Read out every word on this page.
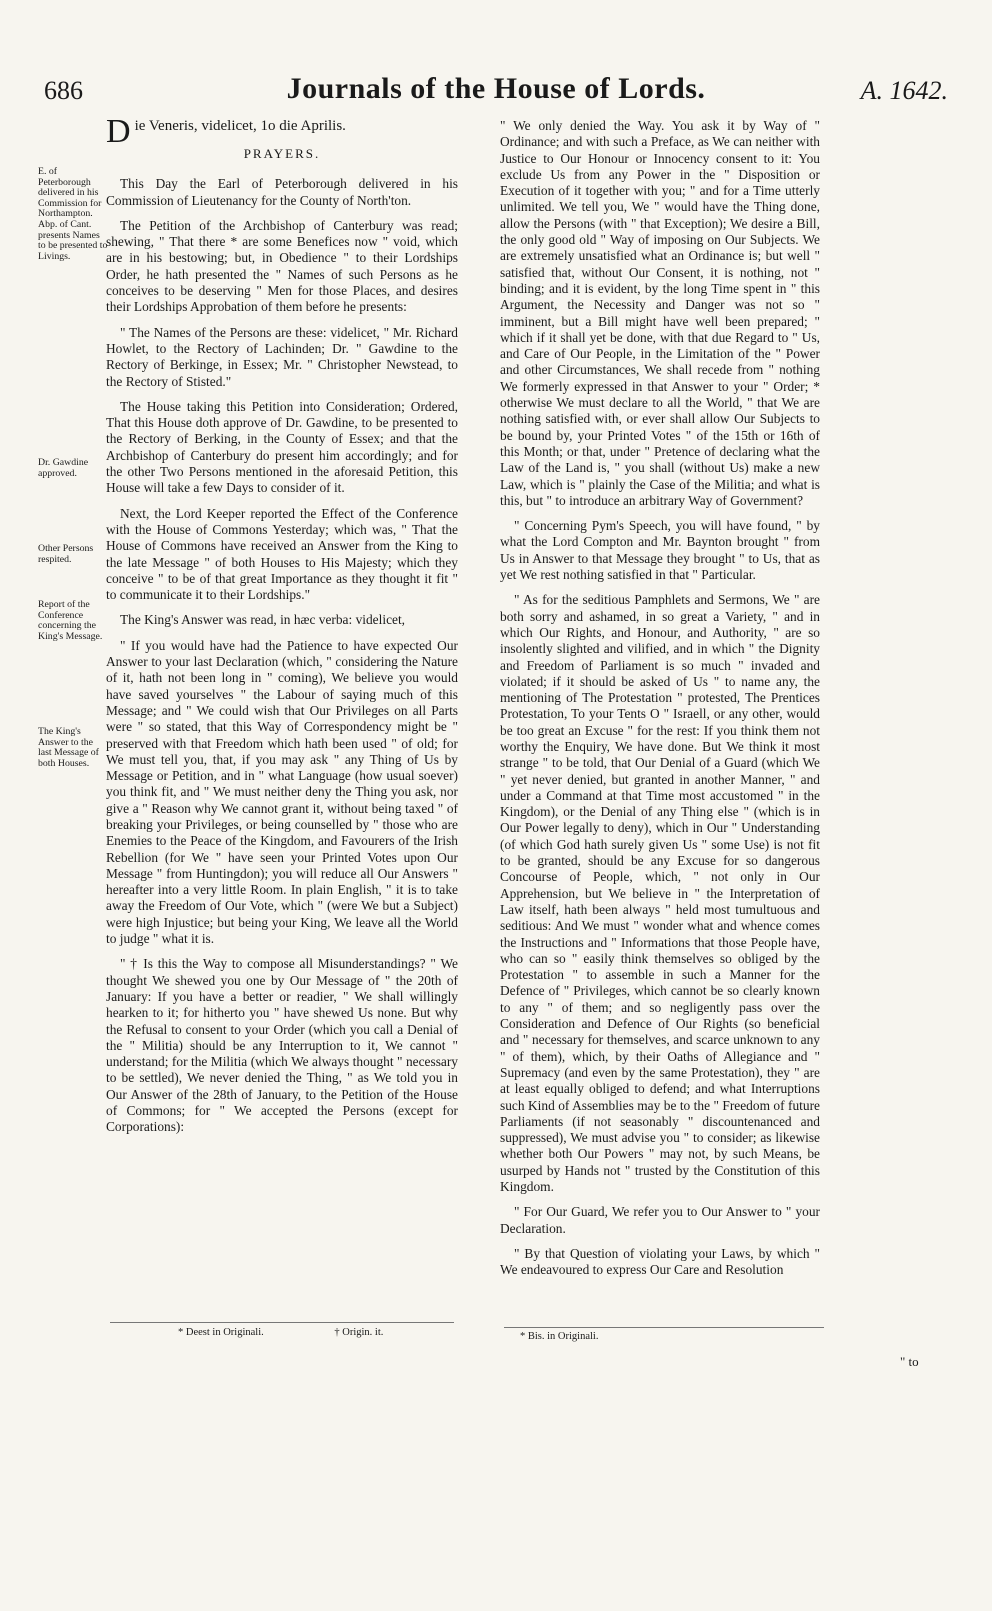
686	Journals of the House of Lords.	A. 1642.
E. of Peterborough delivered in his Commission for Northampton.
Abp. of Cant. presents Names to be presented to Livings.
Dr. Gawdine approved.
Other Persons respited.
Report of the Conference concerning the King's Message.
The King's Answer to the last Message of both Houses.

Die Veneris, videlicet, 1o die Aprilis.

PRAYERS.

This Day the Earl of Peterborough delivered in his Commission of Lieutenancy for the County of North'ton.

The Petition of the Archbishop of Canterbury was read; shewing, " That there * are some Benefices now " void, which are in his bestowing; but, in Obedience " to their Lordships Order, he hath presented the " Names of such Persons as he conceives to be deserving " Men for those Places, and desires their Lordships Approbation of them before he presents:

" The Names of the Persons are these: videlicet, " Mr. Richard Howlet, to the Rectory of Lachinden; Dr. " Gawdine to the Rectory of Berkinge, in Essex; Mr. " Christopher Newstead, to the Rectory of Stisted."

The House taking this Petition into Consideration; Ordered, That this House doth approve of Dr. Gawdine, to be presented to the Rectory of Berking, in the County of Essex; and that the Archbishop of Canterbury do present him accordingly; and for the other Two Persons mentioned in the aforesaid Petition, this House will take a few Days to consider of it.

Next, the Lord Keeper reported the Effect of the Conference with the House of Commons Yesterday; which was, " That the House of Commons have received an Answer from the King to the late Message " of both Houses to His Majesty; which they conceive " to be of that great Importance as they thought it fit " to communicate it to their Lordships."

The King's Answer was read, in hæc verba: videlicet,

" If you would have had the Patience to have expected Our Answer to your last Declaration (which, " considering the Nature of it, hath not been long in " coming), We believe you would have saved yourselves " the Labour of saying much of this Message; and " We could wish that Our Privileges on all Parts were " so stated, that this Way of Correspondency might be " preserved with that Freedom which hath been used " of old; for We must tell you, that, if you may ask " any Thing of Us by Message or Petition, and in " what Language (how usual soever) you think fit, and " We must neither deny the Thing you ask, nor give a " Reason why We cannot grant it, without being taxed " of breaking your Privileges, or being counselled by " those who are Enemies to the Peace of the Kingdom, and Favourers of the Irish Rebellion (for We " have seen your Printed Votes upon Our Message " from Huntingdon); you will reduce all Our Answers " hereafter into a very little Room. In plain English, " it is to take away the Freedom of Our Vote, which " (were We but a Subject) were high Injustice; but being your King, We leave all the World to judge " what it is.

" † Is this the Way to compose all Misunderstandings? " We thought We shewed you one by Our Message of " the 20th of January: If you have a better or readier, " We shall willingly hearken to it; for hitherto you " have shewed Us none. But why the Refusal to consent to your Order (which you call a Denial of the " Militia) should be any Interruption to it, We cannot " understand; for the Militia (which We always thought " necessary to be settled), We never denied the Thing, " as We told you in Our Answer of the 28th of January, to the Petition of the House of Commons; for " We accepted the Persons (except for Corporations):

" We only denied the Way. You ask it by Way of " Ordinance; and with such a Preface, as We can neither with Justice to Our Honour or Innocency consent to it: You exclude Us from any Power in the " Disposition or Execution of it together with you; " and for a Time utterly unlimited. We tell you, We " would have the Thing done, allow the Persons (with " that Exception); We desire a Bill, the only good old " Way of imposing on Our Subjects. We are extremely unsatisfied what an Ordinance is; but well " satisfied that, without Our Consent, it is nothing, not " binding; and it is evident, by the long Time spent in " this Argument, the Necessity and Danger was not so " imminent, but a Bill might have well been prepared; " which if it shall yet be done, with that due Regard to " Us, and Care of Our People, in the Limitation of the " Power and other Circumstances, We shall recede from " nothing We formerly expressed in that Answer to your " Order; * otherwise We must declare to all the World, " that We are nothing satisfied with, or ever shall allow Our Subjects to be bound by, your Printed Votes " of the 15th or 16th of this Month; or that, under " Pretence of declaring what the Law of the Land is, " you shall (without Us) make a new Law, which is " plainly the Case of the Militia; and what is this, but " to introduce an arbitrary Way of Government?

" Concerning Pym's Speech, you will have found, " by what the Lord Compton and Mr. Baynton brought " from Us in Answer to that Message they brought " to Us, that as yet We rest nothing satisfied in that " Particular.

" As for the seditious Pamphlets and Sermons, We " are both sorry and ashamed, in so great a Variety, " and in which Our Rights, and Honour, and Authority, " are so insolently slighted and vilified, and in which " the Dignity and Freedom of Parliament is so much " invaded and violated; if it should be asked of Us " to name any, the mentioning of The Protestation " protested, The Prentices Protestation, To your Tents O " Israell, or any other, would be too great an Excuse " for the rest: If you think them not worthy the Enquiry, We have done. But We think it most strange " to be told, that Our Denial of a Guard (which We " yet never denied, but granted in another Manner, " and under a Command at that Time most accustomed " in the Kingdom), or the Denial of any Thing else " (which is in Our Power legally to deny), which in Our " Understanding (of which God hath surely given Us " some Use) is not fit to be granted, should be any Excuse for so dangerous Concourse of People, which, " not only in Our Apprehension, but We believe in " the Interpretation of Law itself, hath been always " held most tumultuous and seditious: And We must " wonder what and whence comes the Instructions and " Informations that those People have, who can so " easily think themselves so obliged by the Protestation " to assemble in such a Manner for the Defence of " Privileges, which cannot be so clearly known to any " of them; and so negligently pass over the Consideration and Defence of Our Rights (so beneficial and " necessary for themselves, and scarce unknown to any " of them), which, by their Oaths of Allegiance and " Supremacy (and even by the same Protestation), they " are at least equally obliged to defend; and what Interruptions such Kind of Assemblies may be to the " Freedom of future Parliaments (if not seasonably " discountenanced and suppressed), We must advise you " to consider; as likewise whether both Our Powers " may not, by such Means, be usurped by Hands not " trusted by the Constitution of this Kingdom.

" For Our Guard, We refer you to Our Answer to " your Declaration.

" By that Question of violating your Laws, by which " We endeavoured to express Our Care and Resolution

* Deest in Originali.	† Origin. it.	* Bis. in Originali.
" to
